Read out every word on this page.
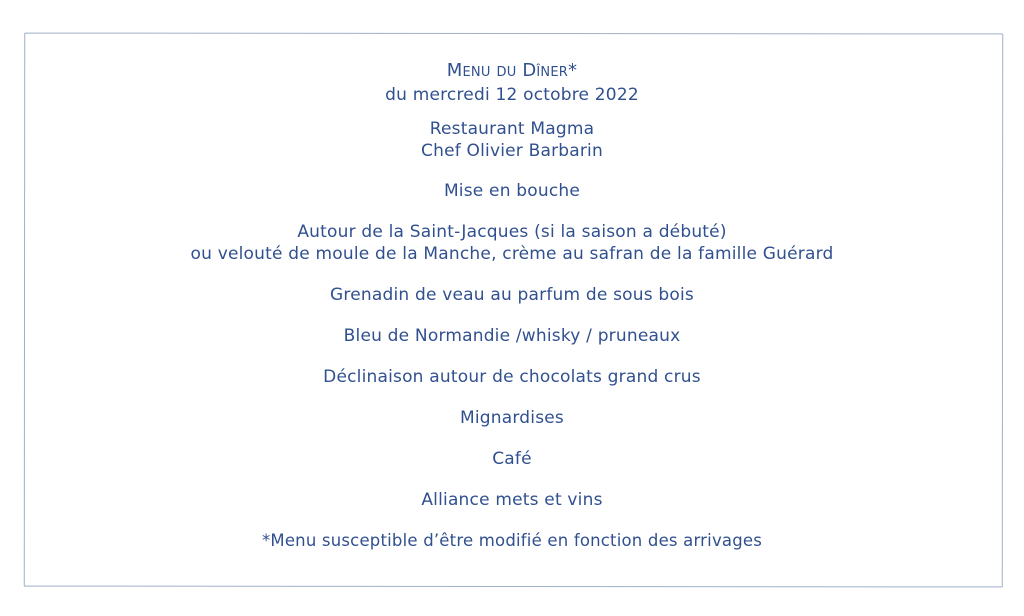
Menu du Dîner*
du mercredi 12 octobre 2022
Restaurant Magma
Chef Olivier Barbarin
Mise en bouche
Autour de la Saint-Jacques (si la saison a débuté)
ou velouté de moule de la Manche, crème au safran de la famille Guérard
Grenadin de veau au parfum de sous bois
Bleu de Normandie /whisky / pruneaux
Déclinaison autour de chocolats grand crus
Mignardises
Café
Alliance mets et vins
*Menu susceptible d’être modifié en fonction des arrivages
